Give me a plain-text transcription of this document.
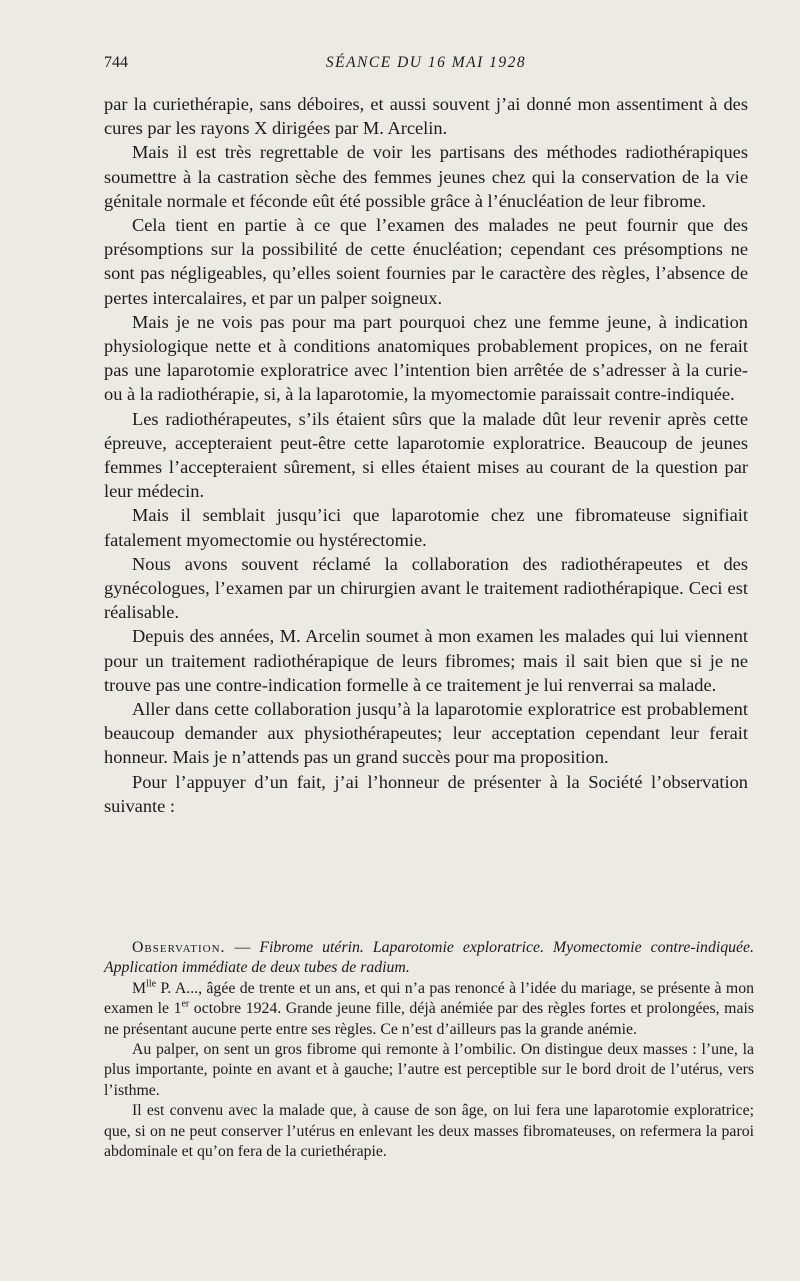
744	SÉANCE DU 16 MAI 1928

par la curiethérapie, sans déboires, et aussi souvent j’ai donné mon assentiment à des cures par les rayons X dirigées par M. Arcelin.

Mais il est très regrettable de voir les partisans des méthodes radiothérapiques soumettre à la castration sèche des femmes jeunes chez qui la conservation de la vie génitale normale et féconde eût été possible grâce à l’énucléation de leur fibrome.

Cela tient en partie à ce que l’examen des malades ne peut fournir que des présomptions sur la possibilité de cette énucléation; cependant ces présomptions ne sont pas négligeables, qu’elles soient fournies par le caractère des règles, l’absence de pertes intercalaires, et par un palper soigneux.

Mais je ne vois pas pour ma part pourquoi chez une femme jeune, à indication physiologique nette et à conditions anatomiques probablement propices, on ne ferait pas une laparotomie exploratrice avec l’intention bien arrêtée de s’adresser à la curie- ou à la radiothérapie, si, à la laparotomie, la myomectomie paraissait contre-indiquée.

Les radiothérapeutes, s’ils étaient sûrs que la malade dût leur revenir après cette épreuve, accepteraient peut-être cette laparotomie exploratrice. Beaucoup de jeunes femmes l’accepteraient sûrement, si elles étaient mises au courant de la question par leur médecin.

Mais il semblait jusqu’ici que laparotomie chez une fibromateuse signifiait fatalement myomectomie ou hystérectomie.

Nous avons souvent réclamé la collaboration des radiothérapeutes et des gynécologues, l’examen par un chirurgien avant le traitement radiothérapique. Ceci est réalisable.

Depuis des années, M. Arcelin soumet à mon examen les malades qui lui viennent pour un traitement radiothérapique de leurs fibromes; mais il sait bien que si je ne trouve pas une contre-indication formelle à ce traitement je lui renverrai sa malade.

Aller dans cette collaboration jusqu’à la laparotomie exploratrice est probablement beaucoup demander aux physiothérapeutes; leur acceptation cependant leur ferait honneur. Mais je n’attends pas un grand succès pour ma proposition.

Pour l’appuyer d’un fait, j’ai l’honneur de présenter à la Société l’observation suivante :

Observation. — Fibrome utérin. Laparotomie exploratrice. Myomectomie contre-indiquée. Application immédiate de deux tubes de radium.

$M^{lle}$ P. A..., âgée de trente et un ans, et qui n’a pas renoncé à l’idée du mariage, se présente à mon examen le 1er octobre 1924. Grande jeune fille, déjà anémiée par des règles fortes et prolongées, mais ne présentant aucune perte entre ses règles. Ce n’est d’ailleurs pas la grande anémie.

Au palper, on sent un gros fibrome qui remonte à l’ombilic. On distingue deux masses : l’une, la plus importante, pointe en avant et à gauche; l’autre est perceptible sur le bord droit de l’utérus, vers l’isthme.

Il est convenu avec la malade que, à cause de son âge, on lui fera une laparotomie exploratrice; que, si on ne peut conserver l’utérus en enlevant les deux masses fibromateuses, on refermera la paroi abdominale et qu’on fera de la curiethérapie.
